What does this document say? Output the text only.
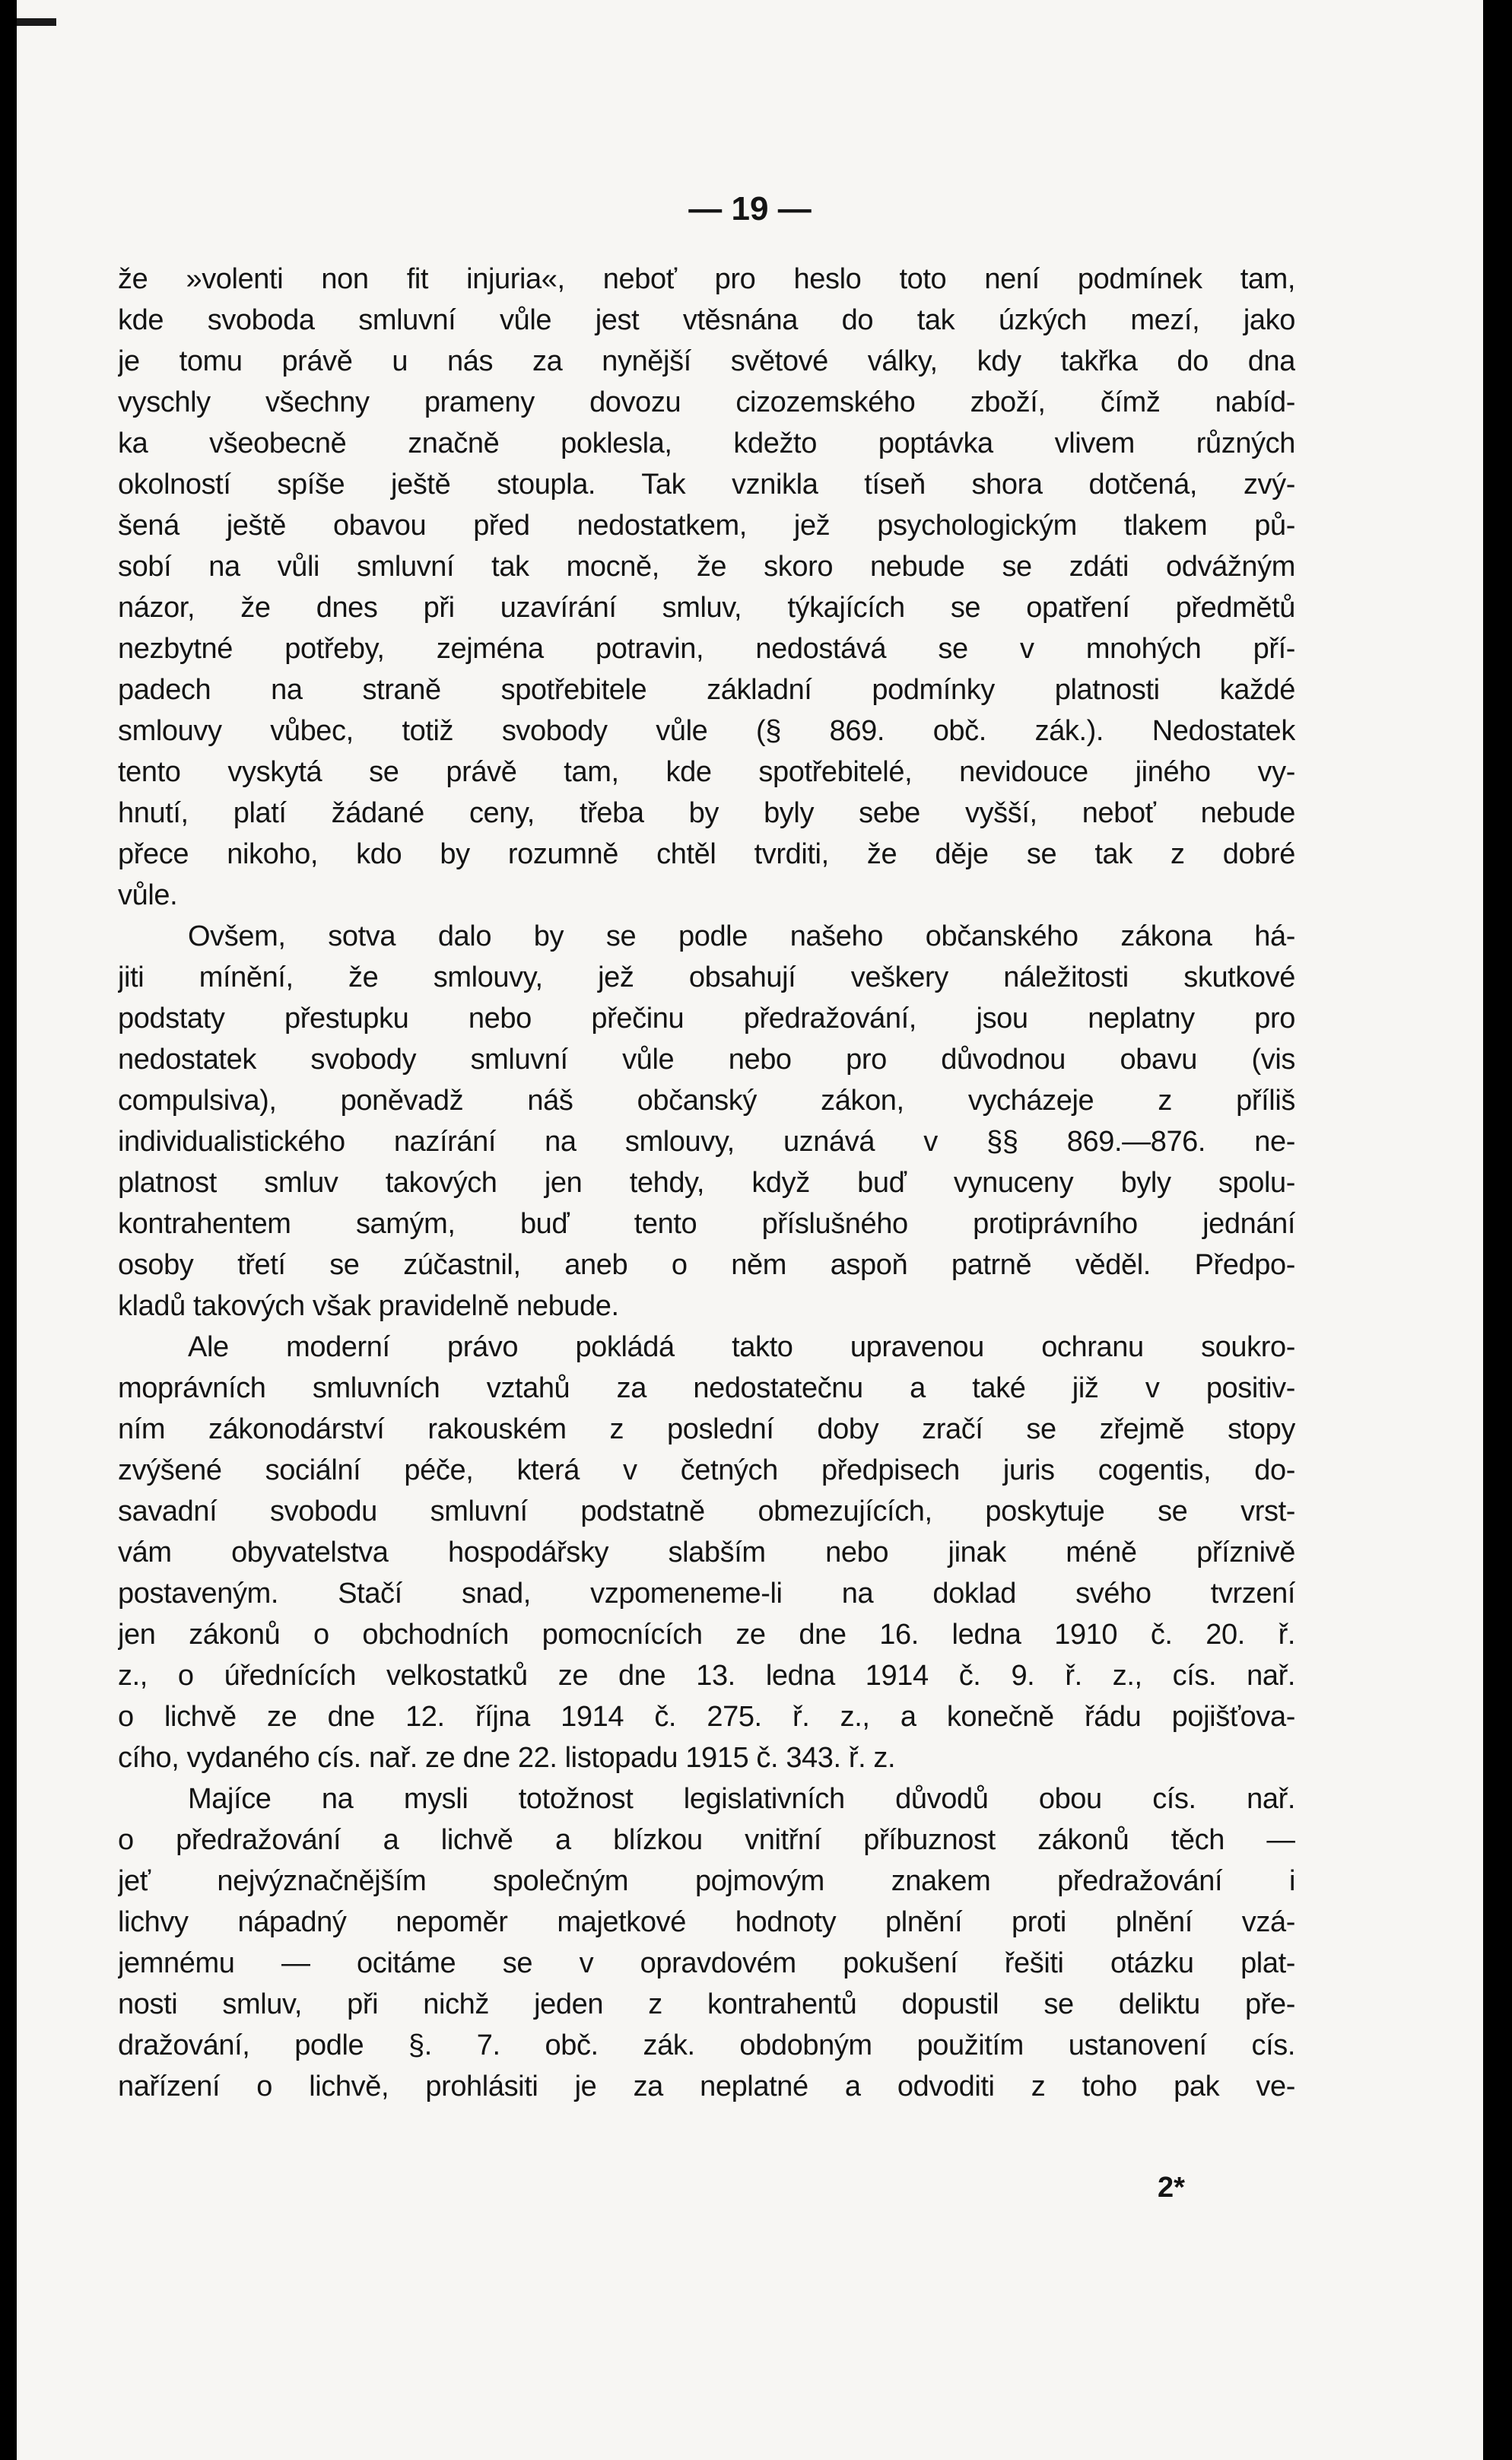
— 19 —
že »volenti non fit injuria«, neboť pro heslo toto není podmínek tam,
kde svoboda smluvní vůle jest vtěsnána do tak úzkých mezí, jako
je tomu právě u nás za nynější světové války, kdy takřka do dna
vyschly všechny prameny dovozu cizozemského zboží, čímž nabíd-
ka všeobecně značně poklesla, kdežto poptávka vlivem různých
okolností spíše ještě stoupla. Tak vznikla tíseň shora dotčená, zvý-
šená ještě obavou před nedostatkem, jež psychologickým tlakem pů-
sobí na vůli smluvní tak mocně, že skoro nebude se zdáti odvážným
názor, že dnes při uzavírání smluv, týkajících se opatření předmětů
nezbytné potřeby, zejména potravin, nedostává se v mnohých pří-
padech na straně spotřebitele základní podmínky platnosti každé
smlouvy vůbec, totiž svobody vůle (§ 869. obč. zák.). Nedostatek
tento vyskytá se právě tam, kde spotřebitelé, nevidouce jiného vy-
hnutí, platí žádané ceny, třeba by byly sebe vyšší, neboť nebude
přece nikoho, kdo by rozumně chtěl tvrditi, že děje se tak z dobré
vůle.
Ovšem, sotva dalo by se podle našeho občanského zákona há-
jiti mínění, že smlouvy, jež obsahují veškery náležitosti skutkové
podstaty přestupku nebo přečinu předražování, jsou neplatny pro
nedostatek svobody smluvní vůle nebo pro důvodnou obavu (vis
compulsiva), poněvadž náš občanský zákon, vycházeje z příliš
individualistického nazírání na smlouvy, uznává v §§ 869.—876. ne-
platnost smluv takových jen tehdy, když buď vynuceny byly spolu-
kontrahentem samým, buď tento příslušného protiprávního jednání
osoby třetí se zúčastnil, aneb o něm aspoň patrně věděl. Předpo-
kladů takových však pravidelně nebude.
Ale moderní právo pokládá takto upravenou ochranu soukro-
moprávních smluvních vztahů za nedostatečnu a také již v positiv-
ním zákonodárství rakouském z poslední doby zračí se zřejmě stopy
zvýšené sociální péče, která v četných předpisech juris cogentis, do-
savadní svobodu smluvní podstatně obmezujících, poskytuje se vrst-
vám obyvatelstva hospodářsky slabším nebo jinak méně příznivě
postaveným. Stačí snad, vzpomeneme-li na doklad svého tvrzení
jen zákonů o obchodních pomocnících ze dne 16. ledna 1910 č. 20. ř.
z., o úřednících velkostatků ze dne 13. ledna 1914 č. 9. ř. z., cís. nař.
o lichvě ze dne 12. října 1914 č. 275. ř. z., a konečně řádu pojišťova-
cího, vydaného cís. nař. ze dne 22. listopadu 1915 č. 343. ř. z.
Majíce na mysli totožnost legislativních důvodů obou cís. nař.
o předražování a lichvě a blízkou vnitřní příbuznost zákonů těch —
jeť nejvýznačnějším společným pojmovým znakem předražování i
lichvy nápadný nepoměr majetkové hodnoty plnění proti plnění vzá-
jemnému — ocitáme se v opravdovém pokušení řešiti otázku plat-
nosti smluv, při nichž jeden z kontrahentů dopustil se deliktu pře-
dražování, podle §. 7. obč. zák. obdobným použitím ustanovení cís.
nařízení o lichvě, prohlásiti je za neplatné a odvoditi z toho pak ve-
2*
